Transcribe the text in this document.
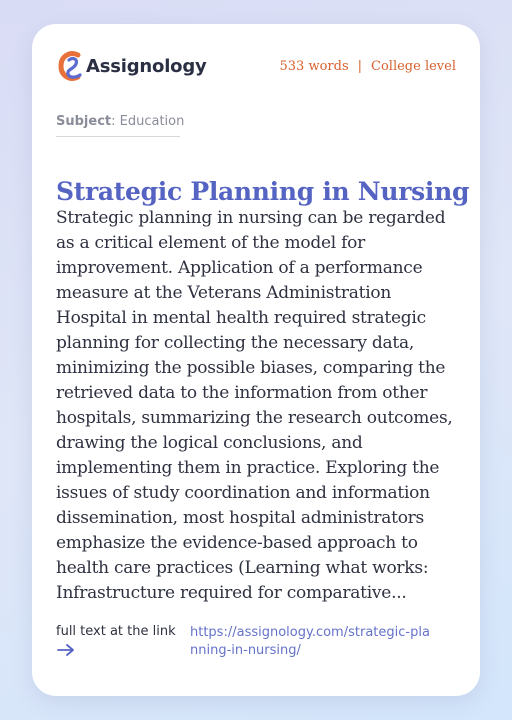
Assignology	533 words | College level
Subject: Education
Strategic Planning in Nursing

Strategic planning in nursing can be regarded as a critical element of the model for improvement. Application of a performance measure at the Veterans Administration Hospital in mental health required strategic planning for collecting the necessary data, minimizing the possible biases, comparing the retrieved data to the information from other hospitals, summarizing the research outcomes, drawing the logical conclusions, and implementing them in practice. Exploring the issues of study coordination and information dissemination, most hospital administrators emphasize the evidence-based approach to health care practices (Learning what works: Infrastructure required for comparative...

full text at the link	https://assignology.com/strategic-planning-in-nursing/
